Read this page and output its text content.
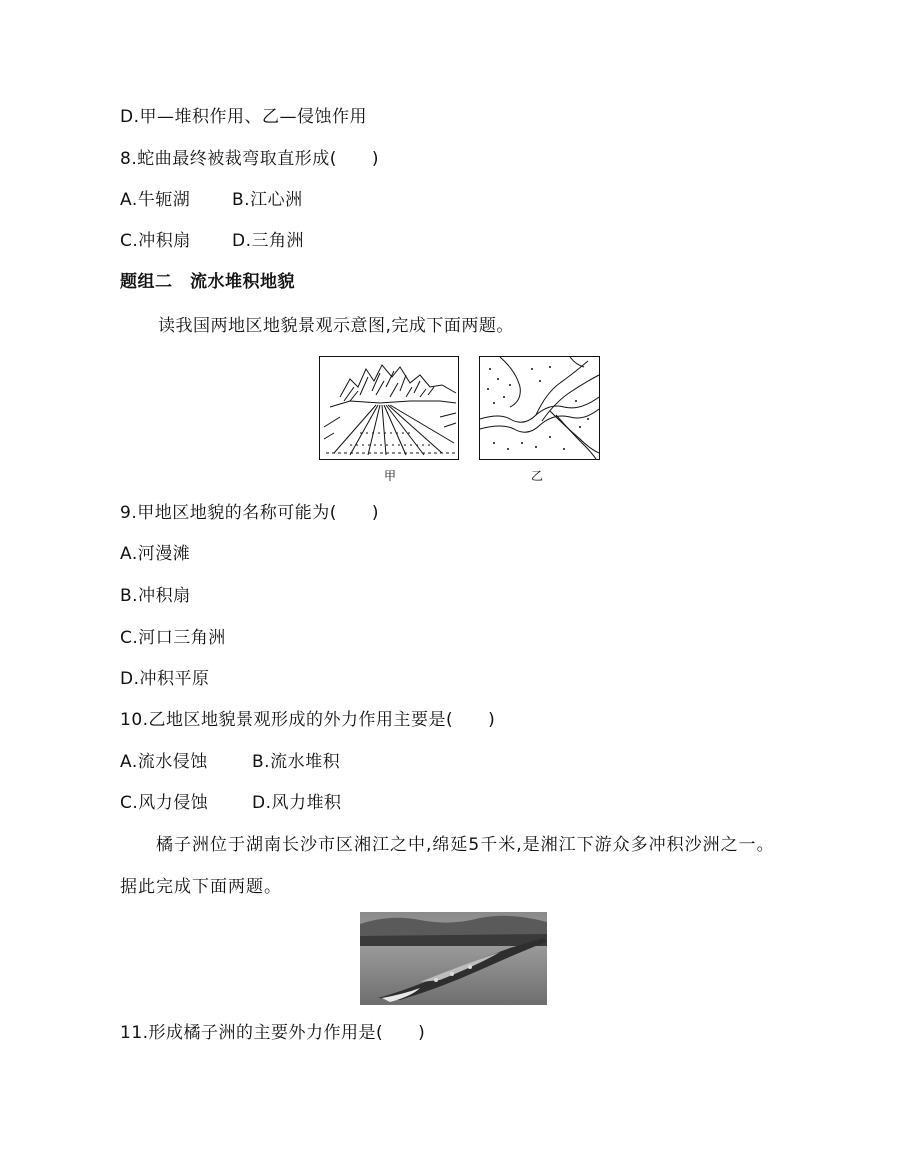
D.甲—堆积作用、乙—侵蚀作用
8.蛇曲最终被裁弯取直形成(　　)
A.牛轭湖 B.江心洲
C.冲积扇 D.三角洲
题组二　流水堆积地貌
读我国两地区地貌景观示意图,完成下面两题。
甲	乙
9.甲地区地貌的名称可能为(　　)
A.河漫滩
B.冲积扇
C.河口三角洲
D.冲积平原
10.乙地区地貌景观形成的外力作用主要是(　　)
A.流水侵蚀	B.流水堆积
C.风力侵蚀	D.风力堆积
橘子洲位于湖南长沙市区湘江之中,绵延5千米,是湘江下游众多冲积沙洲之一。据此完成下面两题。
11.形成橘子洲的主要外力作用是(　　)
